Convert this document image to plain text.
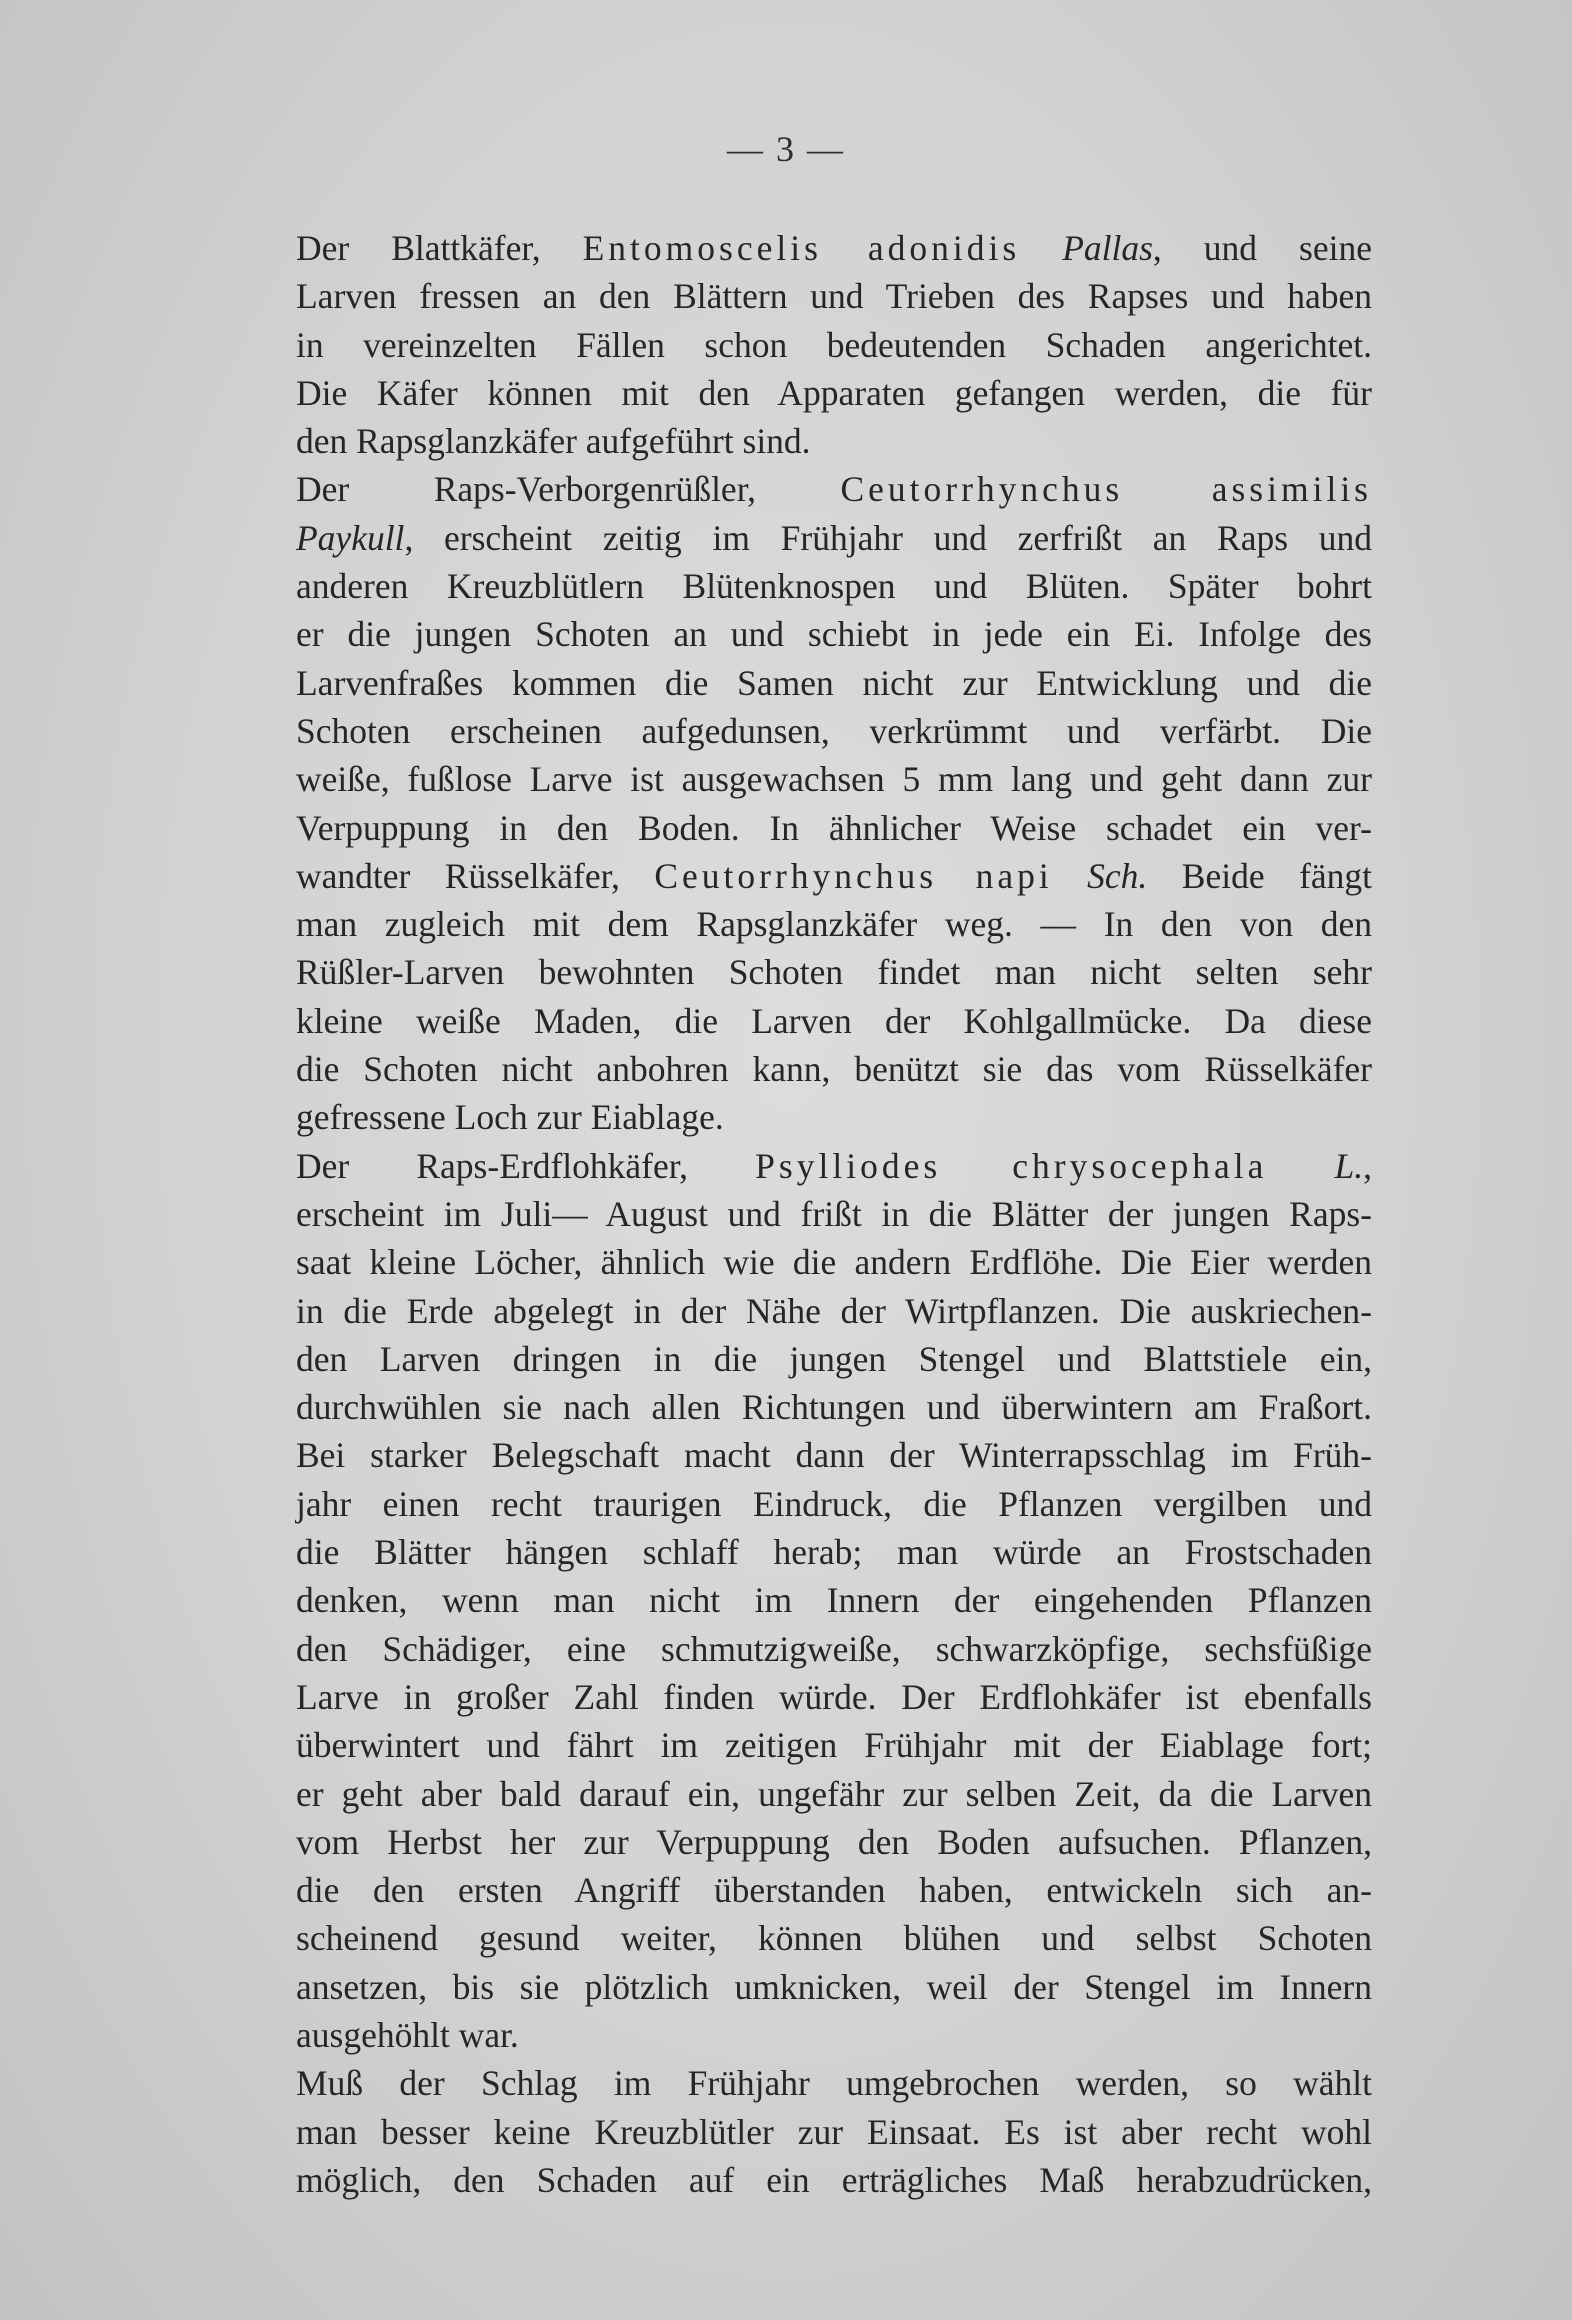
— 3 —

Der Blattkäfer, Entomoscelis adonidis Pallas, und seine
Larven fressen an den Blättern und Trieben des Rapses und haben
in vereinzelten Fällen schon bedeutenden Schaden angerichtet.
Die Käfer können mit den Apparaten gefangen werden, die für
den Rapsglanzkäfer aufgeführt sind.

Der Raps-Verborgenrüßler, Ceutorrhynchus assimilis
Paykull, erscheint zeitig im Frühjahr und zerfrißt an Raps und
anderen Kreuzblütlern Blütenknospen und Blüten. Später bohrt
er die jungen Schoten an und schiebt in jede ein Ei. Infolge des
Larvenfraßes kommen die Samen nicht zur Entwicklung und die
Schoten erscheinen aufgedunsen, verkrümmt und verfärbt. Die
weiße, fußlose Larve ist ausgewachsen 5 mm lang und geht dann zur
Verpuppung in den Boden. In ähnlicher Weise schadet ein ver-
wandter Rüsselkäfer, Ceutorrhynchus napi Sch. Beide fängt
man zugleich mit dem Rapsglanzkäfer weg. — In den von den
Rüßler-Larven bewohnten Schoten findet man nicht selten sehr
kleine weiße Maden, die Larven der Kohlgallmücke. Da diese
die Schoten nicht anbohren kann, benützt sie das vom Rüsselkäfer
gefressene Loch zur Eiablage.

Der Raps-Erdflohkäfer, Psylliodes chrysocephala L.,
erscheint im Juli— August und frißt in die Blätter der jungen Raps-
saat kleine Löcher, ähnlich wie die andern Erdflöhe. Die Eier werden
in die Erde abgelegt in der Nähe der Wirtpflanzen. Die auskriechen-
den Larven dringen in die jungen Stengel und Blattstiele ein,
durchwühlen sie nach allen Richtungen und überwintern am Fraßort.
Bei starker Belegschaft macht dann der Winterrapsschlag im Früh-
jahr einen recht traurigen Eindruck, die Pflanzen vergilben und
die Blätter hängen schlaff herab; man würde an Frostschaden
denken, wenn man nicht im Innern der eingehenden Pflanzen
den Schädiger, eine schmutzigweiße, schwarzköpfige, sechsfüßige
Larve in großer Zahl finden würde. Der Erdflohkäfer ist ebenfalls
überwintert und fährt im zeitigen Frühjahr mit der Eiablage fort;
er geht aber bald darauf ein, ungefähr zur selben Zeit, da die Larven
vom Herbst her zur Verpuppung den Boden aufsuchen. Pflanzen,
die den ersten Angriff überstanden haben, entwickeln sich an-
scheinend gesund weiter, können blühen und selbst Schoten
ansetzen, bis sie plötzlich umknicken, weil der Stengel im Innern
ausgehöhlt war.

Muß der Schlag im Frühjahr umgebrochen werden, so wählt
man besser keine Kreuzblütler zur Einsaat. Es ist aber recht wohl
möglich, den Schaden auf ein erträgliches Maß herabzudrücken,
